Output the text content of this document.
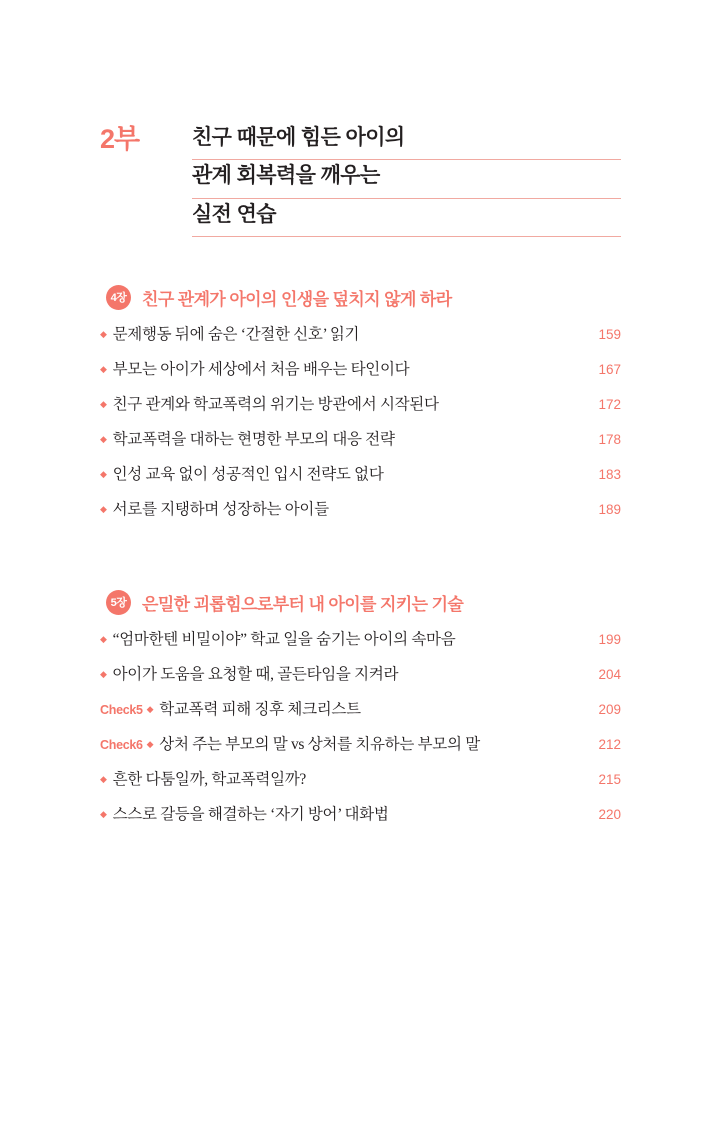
2부	친구 때문에 힘든 아이의
관계 회복력을 깨우는
실전 연습
4장 친구 관계가 아이의 인생을 덮치지 않게 하라
◆ 문제행동 뒤에 숨은 ‘간절한 신호’ 읽기	159
◆ 부모는 아이가 세상에서 처음 배우는 타인이다	167
◆ 친구 관계와 학교폭력의 위기는 방관에서 시작된다	172
◆ 학교폭력을 대하는 현명한 부모의 대응 전략	178
◆ 인성 교육 없이 성공적인 입시 전략도 없다	183
◆ 서로를 지탱하며 성장하는 아이들	189
5장 은밀한 괴롭힘으로부터 내 아이를 지키는 기술
◆ “엄마한텐 비밀이야” 학교 일을 숨기는 아이의 속마음	199
◆ 아이가 도움을 요청할 때, 골든타임을 지켜라	204
Check5 ◆ 학교폭력 피해 징후 체크리스트	209
Check6 ◆ 상처 주는 부모의 말 vs 상처를 치유하는 부모의 말	212
◆ 흔한 다툼일까, 학교폭력일까?	215
◆ 스스로 갈등을 해결하는 ‘자기 방어’ 대화법	220
